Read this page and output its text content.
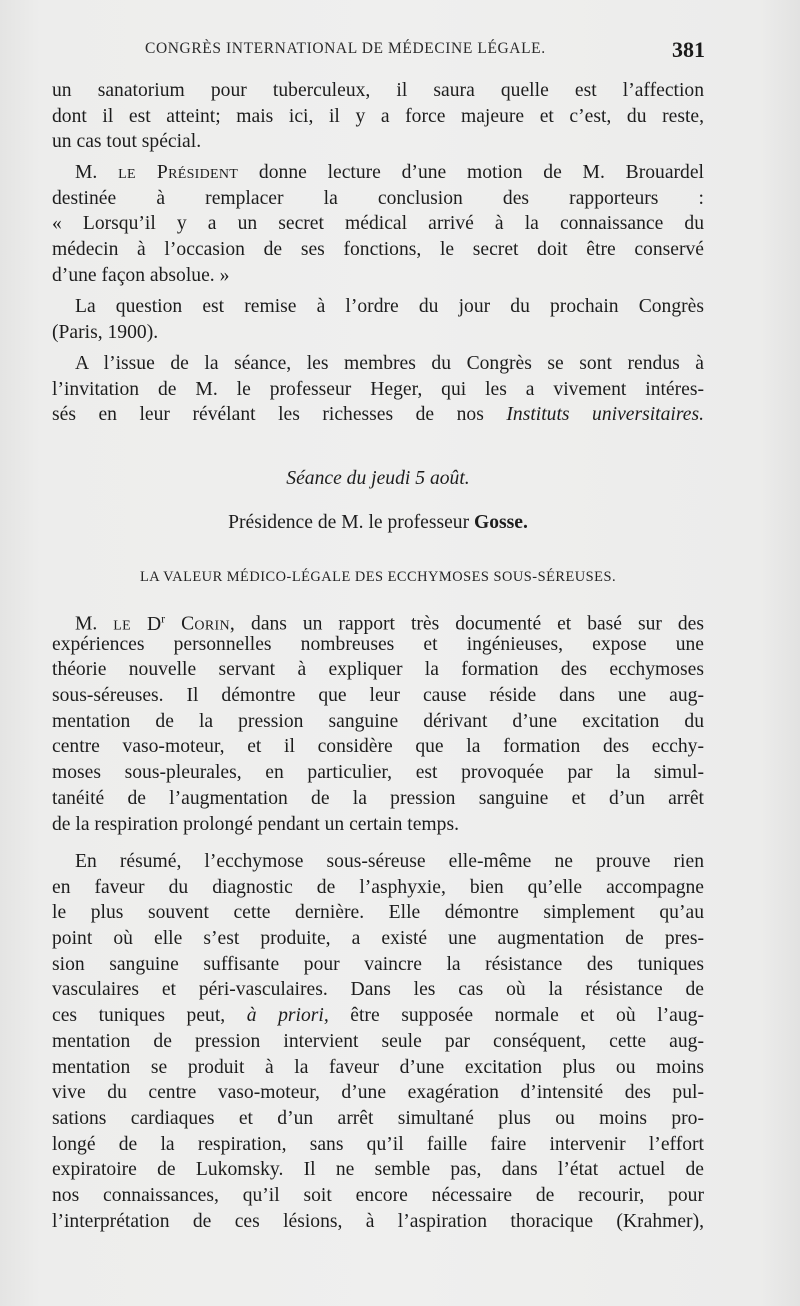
CONGRÈS INTERNATIONAL DE MÉDECINE LÉGALE.	381
un sanatorium pour tuberculeux, il saura quelle est l’affection
dont il est atteint; mais ici, il y a force majeure et c’est, du reste,
un cas tout spécial.
M. le Président donne lecture d’une motion de M. Brouardel
destinée à remplacer la conclusion des rapporteurs :
« Lorsqu’il y a un secret médical arrivé à la connaissance du
médecin à l’occasion de ses fonctions, le secret doit être conservé
d’une façon absolue. »
La question est remise à l’ordre du jour du prochain Congrès
(Paris, 1900).
A l’issue de la séance, les membres du Congrès se sont rendus à
l’invitation de M. le professeur Heger, qui les a vivement intéres-
sés en leur révélant les richesses de nos Instituts universitaires.
Séance du jeudi 5 août.
Présidence de M. le professeur Gosse.
LA VALEUR MÉDICO-LÉGALE DES ECCHYMOSES SOUS-SÉREUSES.
M. le $D^r$ Corin, dans un rapport très documenté et basé sur des
expériences personnelles nombreuses et ingénieuses, expose une
théorie nouvelle servant à expliquer la formation des ecchymoses
sous-séreuses. Il démontre que leur cause réside dans une aug-
mentation de la pression sanguine dérivant d’une excitation du
centre vaso-moteur, et il considère que la formation des ecchy-
moses sous-pleurales, en particulier, est provoquée par la simul-
tanéité de l’augmentation de la pression sanguine et d’un arrêt
de la respiration prolongé pendant un certain temps.
En résumé, l’ecchymose sous-séreuse elle-même ne prouve rien
en faveur du diagnostic de l’asphyxie, bien qu’elle accompagne
le plus souvent cette dernière. Elle démontre simplement qu’au
point où elle s’est produite, a existé une augmentation de pres-
sion sanguine suffisante pour vaincre la résistance des tuniques
vasculaires et péri-vasculaires. Dans les cas où la résistance de
ces tuniques peut, à priori, être supposée normale et où l’aug-
mentation de pression intervient seule par conséquent, cette aug-
mentation se produit à la faveur d’une excitation plus ou moins
vive du centre vaso-moteur, d’une exagération d’intensité des pul-
sations cardiaques et d’un arrêt simultané plus ou moins pro-
longé de la respiration, sans qu’il faille faire intervenir l’effort
expiratoire de Lukomsky. Il ne semble pas, dans l’état actuel de
nos connaissances, qu’il soit encore nécessaire de recourir, pour
l’interprétation de ces lésions, à l’aspiration thoracique (Krahmer),
